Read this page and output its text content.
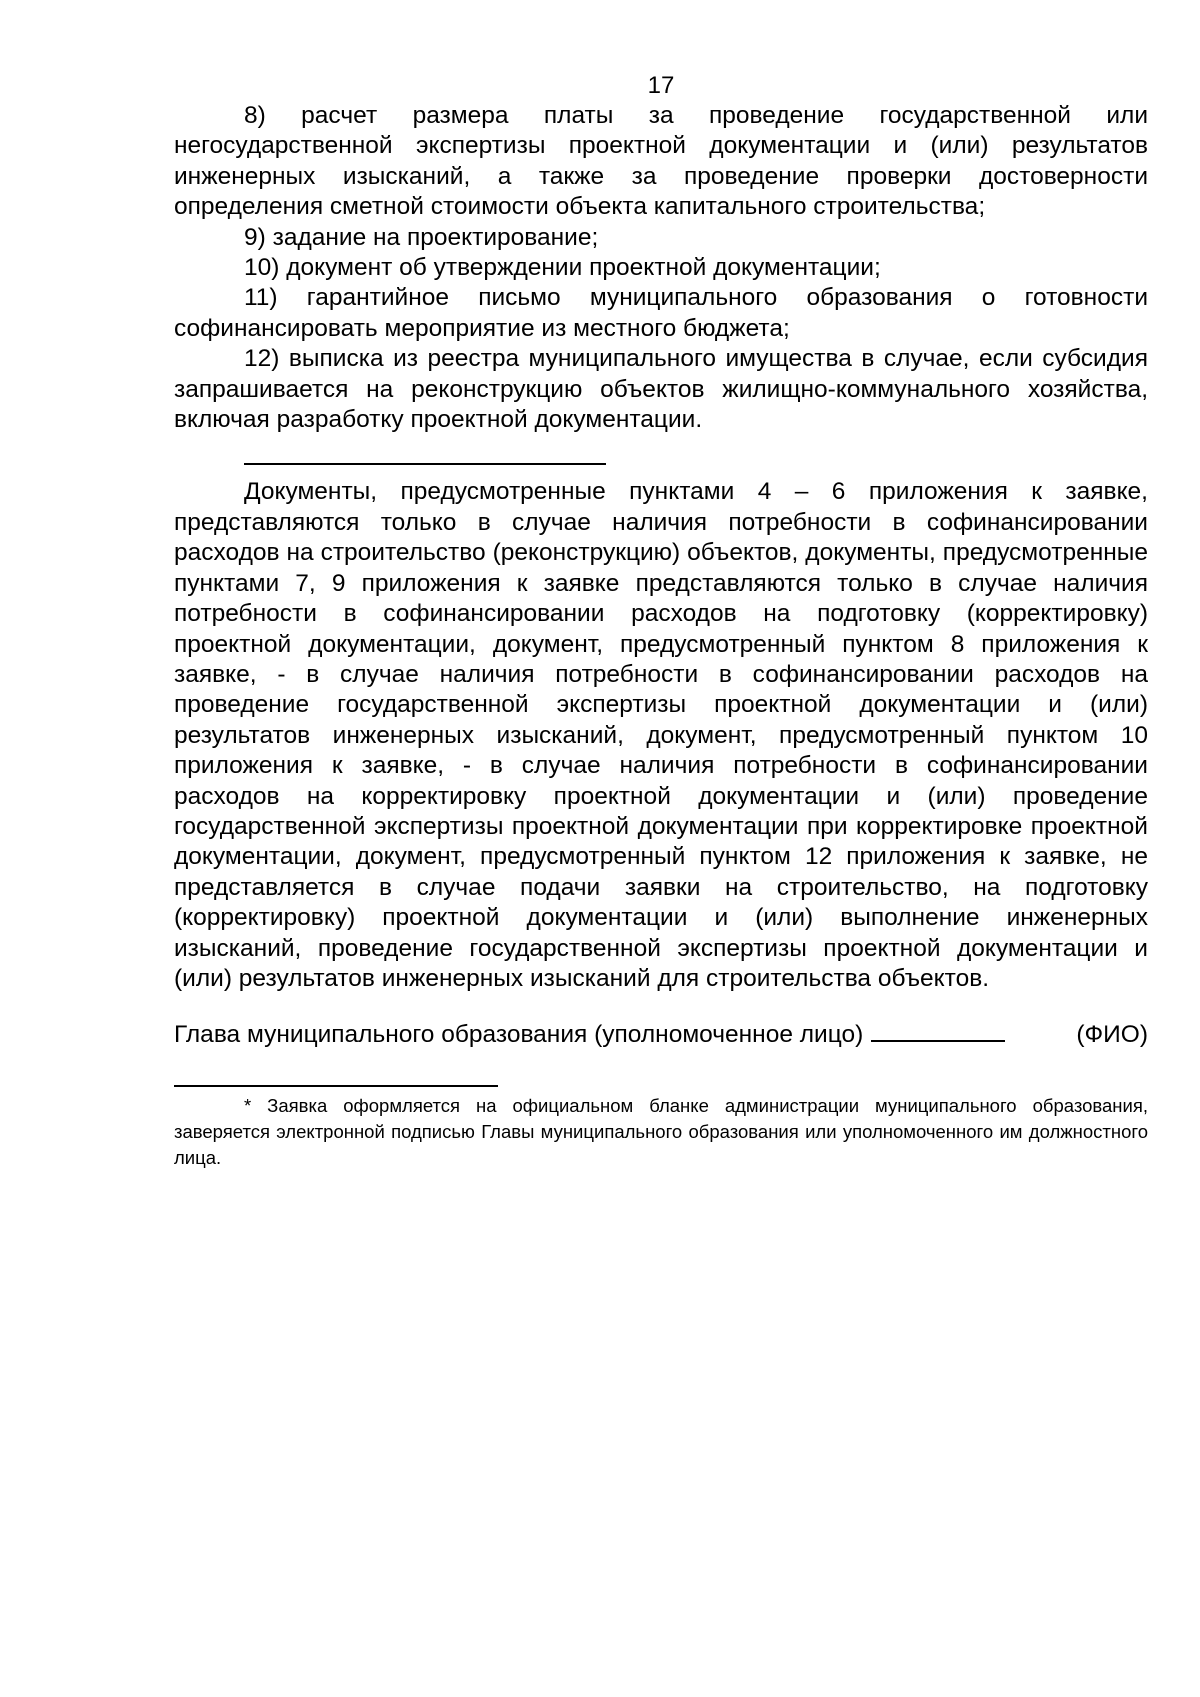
17

8) расчет размера платы за проведение государственной или негосударственной экспертизы проектной документации и (или) результатов инженерных изысканий, а также за проведение проверки достоверности определения сметной стоимости объекта капитального строительства;

9) задание на проектирование;

10) документ об утверждении проектной документации;

11) гарантийное письмо муниципального образования о готовности софинансировать мероприятие из местного бюджета;

12) выписка из реестра муниципального имущества в случае, если субсидия запрашивается на реконструкцию объектов жилищно-коммунального хозяйства, включая разработку проектной документации.

Документы, предусмотренные пунктами 4 – 6 приложения к заявке, представляются только в случае наличия потребности в софинансировании расходов на строительство (реконструкцию) объектов, документы, предусмотренные пунктами 7, 9 приложения к заявке представляются только в случае наличия потребности в софинансировании расходов на подготовку (корректировку) проектной документации, документ, предусмотренный пунктом 8 приложения к заявке, - в случае наличия потребности в софинансировании расходов на проведение государственной экспертизы проектной документации и (или) результатов инженерных изысканий, документ, предусмотренный пунктом 10 приложения к заявке, - в случае наличия потребности в софинансировании расходов на корректировку проектной документации и (или) проведение государственной экспертизы проектной документации при корректировке проектной документации, документ, предусмотренный пунктом 12 приложения к заявке, не представляется в случае подачи заявки на строительство, на подготовку (корректировку) проектной документации и (или) выполнение инженерных изысканий, проведение государственной экспертизы проектной документации и (или) результатов инженерных изысканий для строительства объектов.

Глава муниципального образования (уполномоченное лицо)	(ФИО)

* Заявка оформляется на официальном бланке администрации муниципального образования, заверяется электронной подписью Главы муниципального образования или уполномоченного им должностного лица.
